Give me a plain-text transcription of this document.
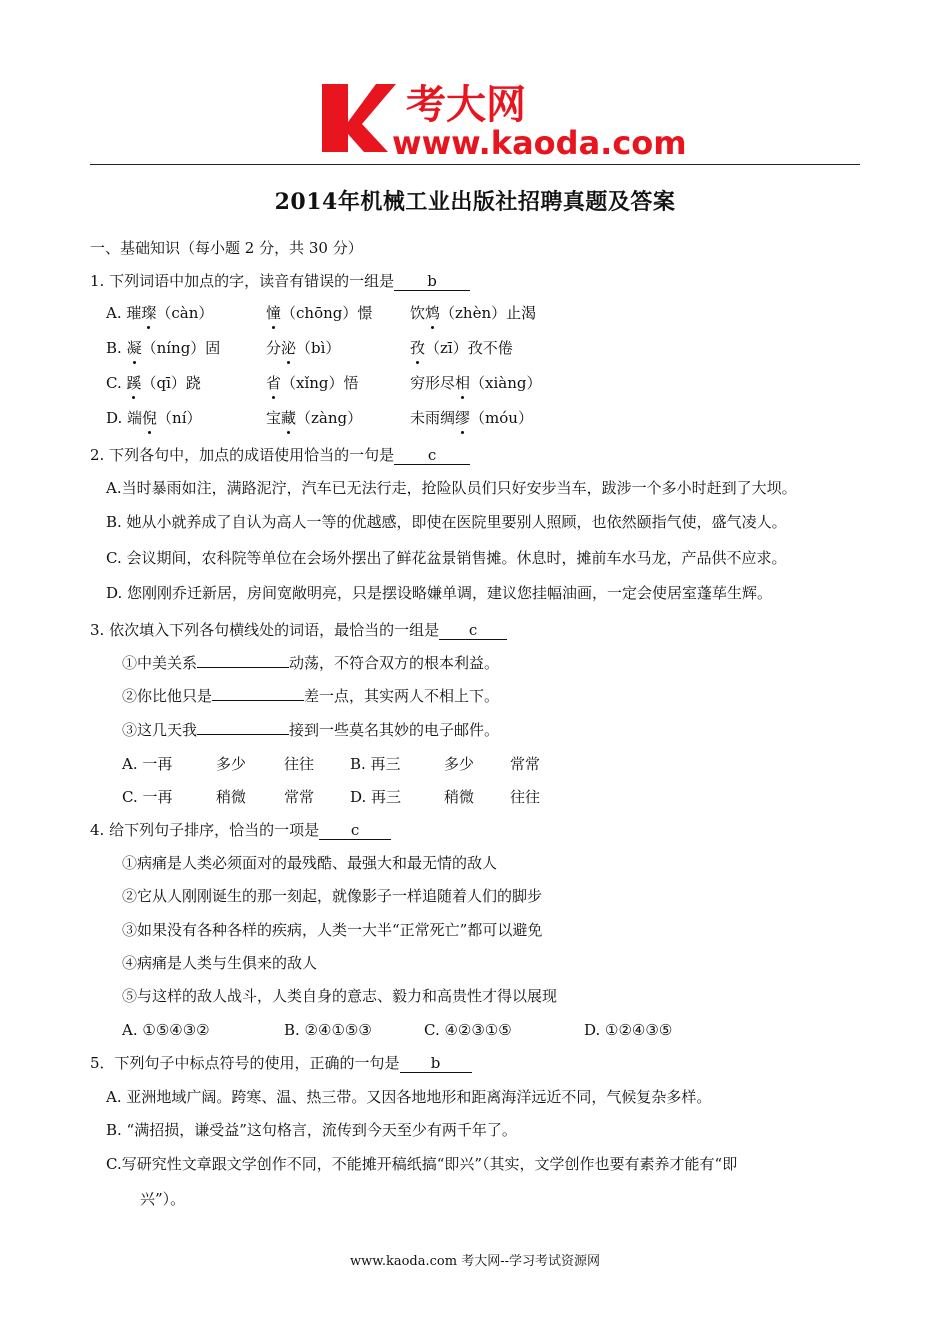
考大网
www.kaoda.com
2014年机械工业出版社招聘真题及答案
一、基础知识（每小题 2 分，共 30 分）
1. 下列词语中加点的字，读音有错误的一组是 b
A. 璀璨（càn）	憧（chōng）憬	饮鸩（zhèn）止渴
B. 凝（níng）固	分泌（bì）	孜（zī）孜不倦
C. 蹊（qī）跷	省（xǐng）悟	穷形尽相（xiàng）
D. 端倪（ní）	宝藏（zàng）	未雨绸缪（móu）
2. 下列各句中，加点的成语使用恰当的一句是 c
A.当时暴雨如注，满路泥泞，汽车已无法行走，抢险队员们只好安步当车，跋涉一个多小时赶到了大坝。
B. 她从小就养成了自认为高人一等的优越感，即使在医院里要别人照顾，也依然颐指气使，盛气凌人。
C. 会议期间，农科院等单位在会场外摆出了鲜花盆景销售摊。休息时，摊前车水马龙，产品供不应求。
D. 您刚刚乔迁新居，房间宽敞明亮，只是摆设略嫌单调，建议您挂幅油画，一定会使居室蓬荜生辉。
3. 依次填入下列各句横线处的词语，最恰当的一组是 c
①中美关系	动荡，不符合双方的根本利益。
②你比他只是	差一点，其实两人不相上下。
③这几天我	接到一些莫名其妙的电子邮件。
A. 一再	多少	往往 B. 再三	多少 常常
C. 一再	稍微	常常 D. 再三	稍微 往往
4. 给下列句子排序，恰当的一项是 c
①病痛是人类必须面对的最残酷、最强大和最无情的敌人
②它从人刚刚诞生的那一刻起，就像影子一样追随着人们的脚步
③如果没有各种各样的疾病，人类一大半“正常死亡”都可以避免
④病痛是人类与生俱来的敌人
⑤与这样的敌人战斗，人类自身的意志、毅力和高贵性才得以展现
A. ①⑤④③②	B. ②④①⑤③	C. ④②③①⑤	D. ①②④③⑤
5．下列句子中标点符号的使用，正确的一句是 b
A. 亚洲地域广阔。跨寒、温、热三带。又因各地地形和距离海洋远近不同，气候复杂多样。
B. “满招损，谦受益”这句格言，流传到今天至少有两千年了。
C.写研究性文章跟文学创作不同，不能摊开稿纸搞“即兴”（其实，文学创作也要有素养才能有“即
兴”）。
www.kaoda.com 考大网--学习考试资源网
